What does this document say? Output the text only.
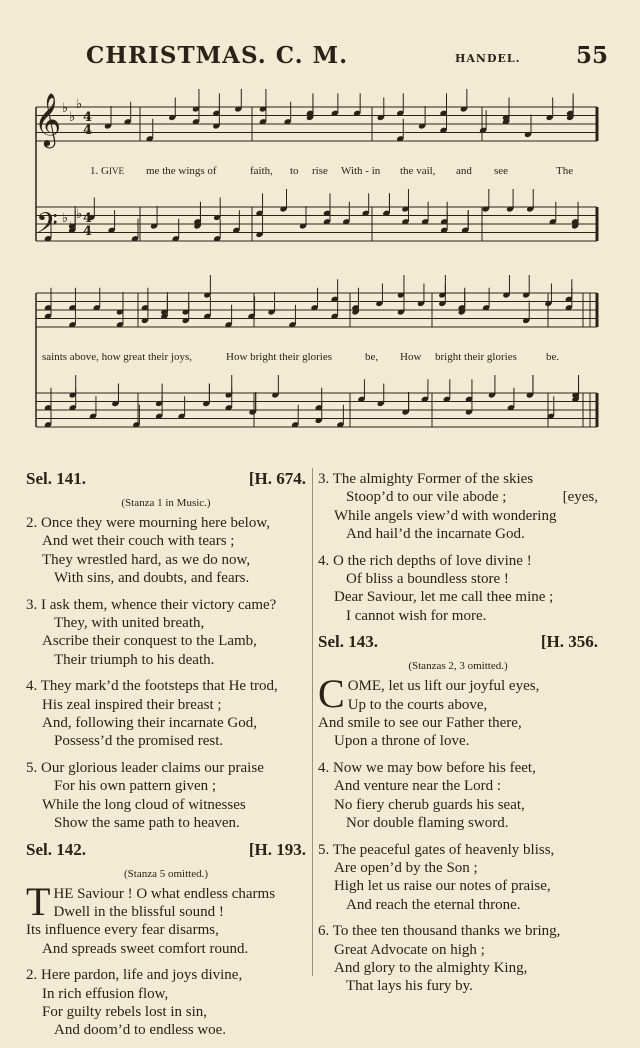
CHRISTMAS. C. M.	HANDEL. 55
𝄞
𝄢
4
4
4
4
♭
♭
♭
♭
♭
♭
1. GIVE me the wings of	faith, to rise With - in the vail, and see	The
saints above, how great their joys,	How bright their glories	be, How bright their glories	be.
Sel. 141.	[H. 674.
(Stanza 1 in Music.)
2. Once they were mourning here below,
And wet their couch with tears ;
They wrestled hard, as we do now,
With sins, and doubts, and fears.
3. I ask them, whence their victory came?
They, with united breath,
Ascribe their conquest to the Lamb,
Their triumph to his death.
4. They mark’d the footsteps that He trod,
His zeal inspired their breast ;
And, following their incarnate God,
Possess’d the promised rest.
5. Our glorious leader claims our praise
For his own pattern given ;
While the long cloud of witnesses
Show the same path to heaven.
Sel. 142.	[H. 193.
(Stanza 5 omitted.)
T HE Saviour ! O what endless charms
Dwell in the blissful sound !
Its influence every fear disarms,
And spreads sweet comfort round.
2. Here pardon, life and joys divine,
In rich effusion flow,
For guilty rebels lost in sin,
And doom’d to endless woe.
3. The almighty Former of the skies
Stoop’d to our vile abode ;	[eyes,
While angels view’d with wondering
And hail’d the incarnate God.
4. O the rich depths of love divine !
Of bliss a boundless store !
Dear Saviour, let me call thee mine ;
I cannot wish for more.
Sel. 143.	[H. 356.
(Stanzas 2, 3 omitted.)
C OME, let us lift our joyful eyes,
Up to the courts above,
And smile to see our Father there,
Upon a throne of love.
4. Now we may bow before his feet,
And venture near the Lord :
No fiery cherub guards his seat,
Nor double flaming sword.
5. The peaceful gates of heavenly bliss,
Are open’d by the Son ;
High let us raise our notes of praise,
And reach the eternal throne.
6. To thee ten thousand thanks we bring,
Great Advocate on high ;
And glory to the almighty King,
That lays his fury by.
